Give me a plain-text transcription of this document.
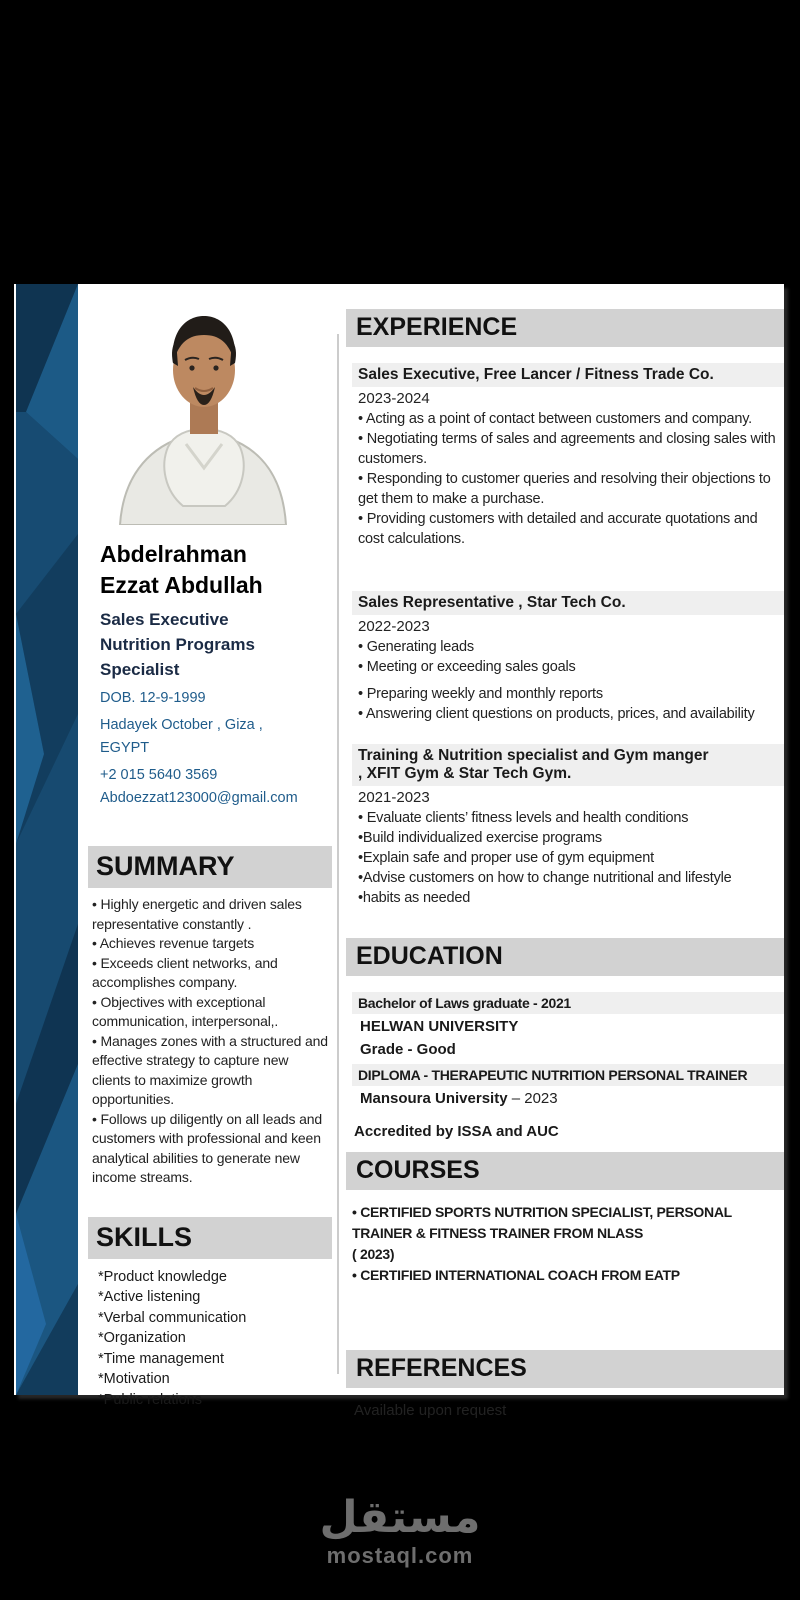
Abdelrahman
Ezzat Abdullah
Sales Executive
Nutrition Programs
Specialist
DOB. 12-9-1999
Hadayek October , Giza ,
EGYPT
+2 015 5640 3569
Abdoezzat123000@gmail.com
SUMMARY
• Highly energetic and driven sales representative constantly .
• Achieves revenue targets
• Exceeds client networks, and accomplishes company.
• Objectives with exceptional communication, interpersonal,.
• Manages zones with a structured and effective strategy to capture new clients to maximize growth opportunities.
• Follows up diligently on all leads and customers with professional and keen analytical abilities to generate new income streams.
SKILLS
*Product knowledge
*Active listening
*Verbal communication
*Organization
*Time management
*Motivation
*Public relations
EXPERIENCE
Sales Executive, Free Lancer / Fitness Trade Co.
2023-2024
• Acting as a point of contact between customers and company.
• Negotiating terms of sales and agreements and closing sales with customers.
• Responding to customer queries and resolving their objections to get them to make a purchase.
• Providing customers with detailed and accurate quotations and cost calculations.
Sales Representative , Star Tech Co.
2022-2023
• Generating leads
• Meeting or exceeding sales goals
• Preparing weekly and monthly reports
• Answering client questions on products, prices, and availability
Training & Nutrition specialist and Gym manger
, XFIT Gym & Star Tech Gym.
2021-2023
• Evaluate clients’ fitness levels and health conditions
•Build individualized exercise programs
•Explain safe and proper use of gym equipment
•Advise customers on how to change nutritional and lifestyle
•habits as needed
EDUCATION
Bachelor of Laws graduate - 2021
HELWAN UNIVERSITY
Grade - Good
DIPLOMA - THERAPEUTIC NUTRITION PERSONAL TRAINER
Mansoura University – 2023
Accredited by ISSA and AUC
COURSES
• CERTIFIED SPORTS NUTRITION SPECIALIST, PERSONAL TRAINER & FITNESS TRAINER FROM NLASS
( 2023)
• CERTIFIED INTERNATIONAL COACH FROM EATP
REFERENCES
Available upon request
مستقل
mostaql.com
